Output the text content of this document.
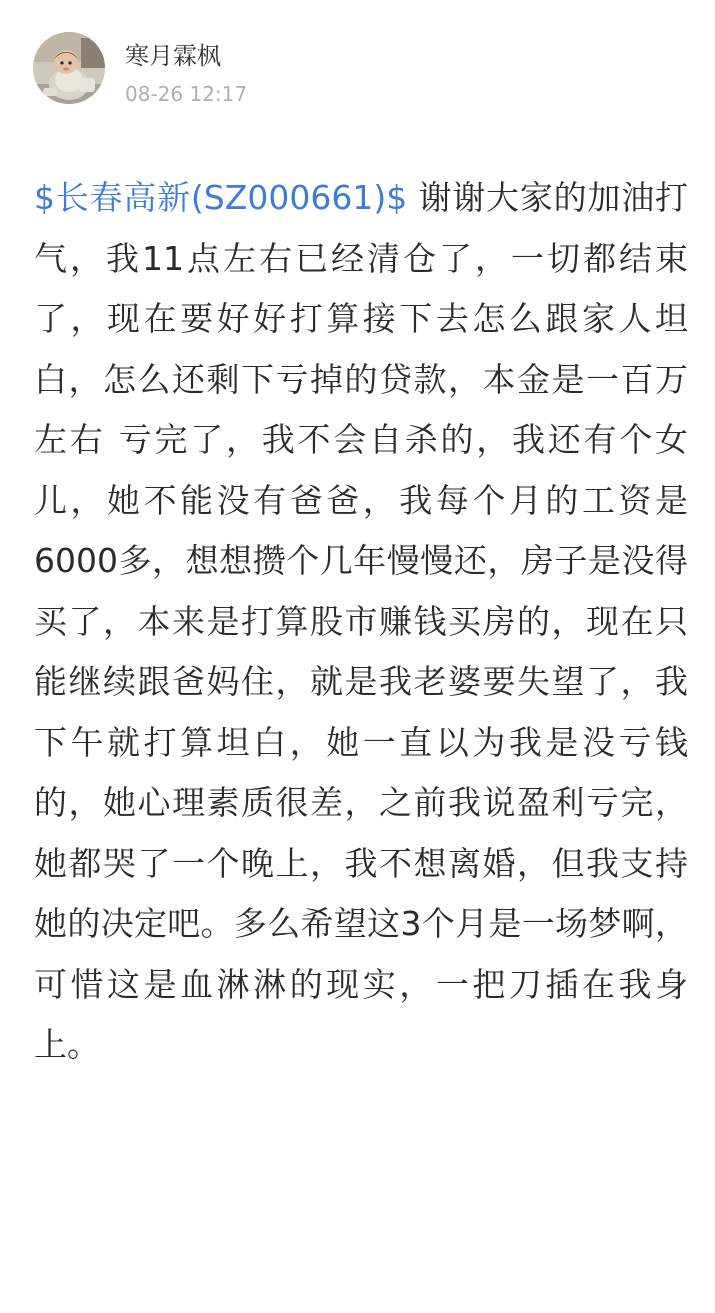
寒月霖枫
08-26 12:17

$长春高新(SZ000661)$ 谢谢大家的加油打气，我11点左右已经清仓了，一切都结束了，现在要好好打算接下去怎么跟家人坦白，怎么还剩下亏掉的贷款，本金是一百万左右 亏完了，我不会自杀的，我还有个女儿，她不能没有爸爸，我每个月的工资是6000多，想想攒个几年慢慢还，房子是没得买了，本来是打算股市赚钱买房的，现在只能继续跟爸妈住，就是我老婆要失望了，我下午就打算坦白，她一直以为我是没亏钱的，她心理素质很差，之前我说盈利亏完，她都哭了一个晚上，我不想离婚，但我支持她的决定吧。多么希望这3个月是一场梦啊，可惜这是血淋淋的现实，一把刀插在我身上。
